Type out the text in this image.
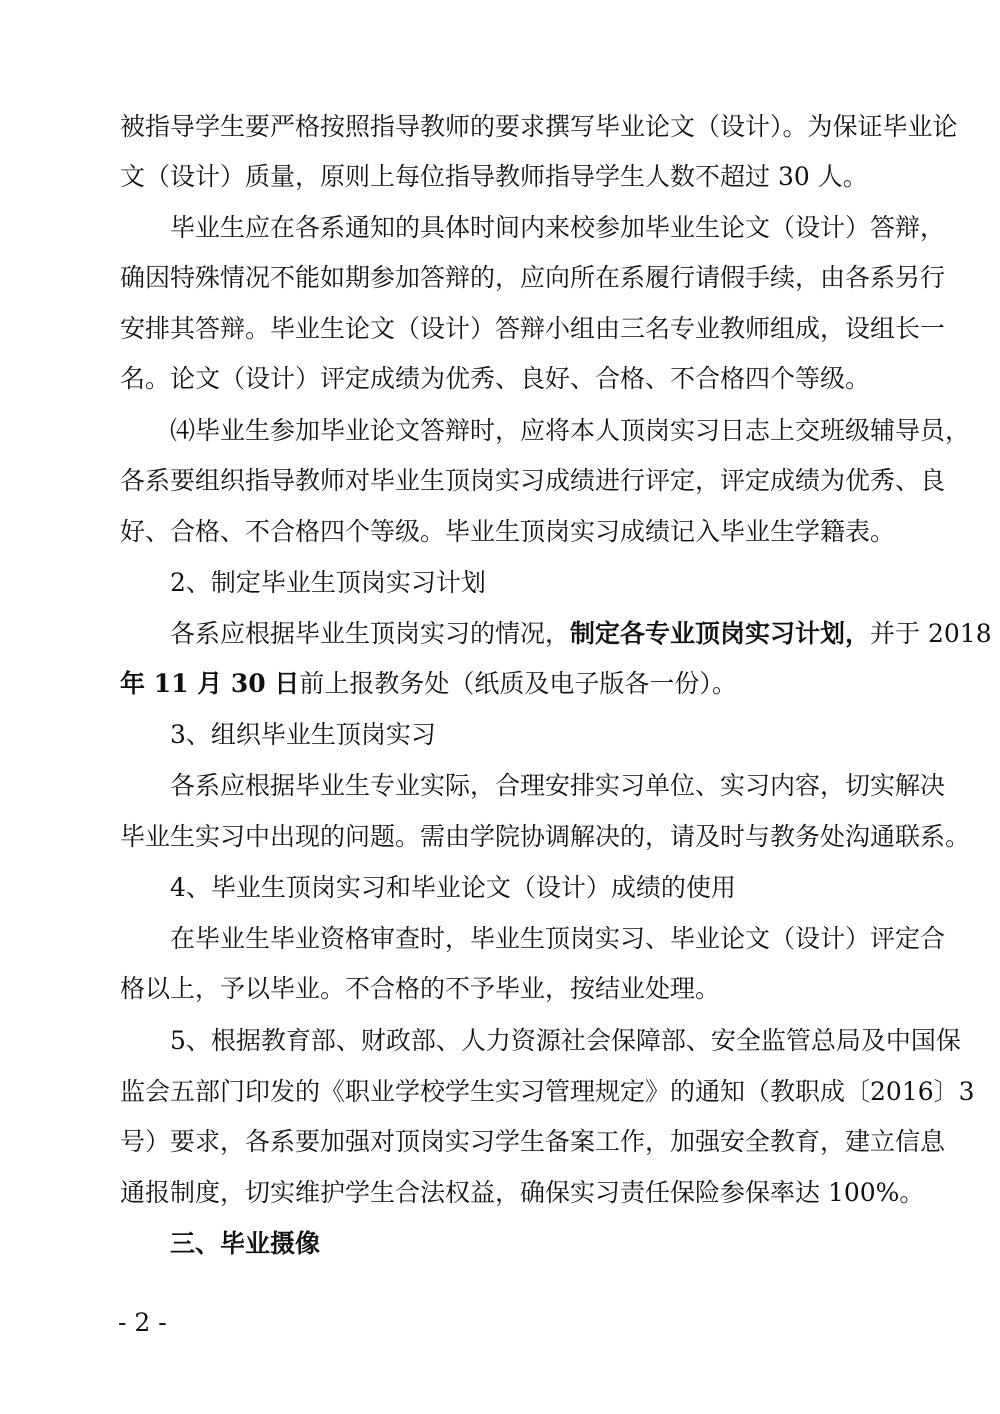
被指导学生要严格按照指导教师的要求撰写毕业论文（设计）。为保证毕业论
文（设计）质量，原则上每位指导教师指导学生人数不超过 30 人。
毕业生应在各系通知的具体时间内来校参加毕业生论文（设计）答辩，
确因特殊情况不能如期参加答辩的，应向所在系履行请假手续，由各系另行
安排其答辩。毕业生论文（设计）答辩小组由三名专业教师组成，设组长一
名。论文（设计）评定成绩为优秀、良好、合格、不合格四个等级。
⑷毕业生参加毕业论文答辩时，应将本人顶岗实习日志上交班级辅导员，
各系要组织指导教师对毕业生顶岗实习成绩进行评定，评定成绩为优秀、良
好、合格、不合格四个等级。毕业生顶岗实习成绩记入毕业生学籍表。
2、制定毕业生顶岗实习计划
各系应根据毕业生顶岗实习的情况，制定各专业顶岗实习计划，并于 2018
年 11 月 30 日前上报教务处（纸质及电子版各一份）。
3、组织毕业生顶岗实习
各系应根据毕业生专业实际，合理安排实习单位、实习内容，切实解决
毕业生实习中出现的问题。需由学院协调解决的，请及时与教务处沟通联系。
4、毕业生顶岗实习和毕业论文（设计）成绩的使用
在毕业生毕业资格审查时，毕业生顶岗实习、毕业论文（设计）评定合
格以上，予以毕业。不合格的不予毕业，按结业处理。
5、根据教育部、财政部、人力资源社会保障部、安全监管总局及中国保
监会五部门印发的《职业学校学生实习管理规定》的通知（教职成〔2016〕3
号）要求，各系要加强对顶岗实习学生备案工作，加强安全教育，建立信息
通报制度，切实维护学生合法权益，确保实习责任保险参保率达 100%。
三、毕业摄像
- 2 -
